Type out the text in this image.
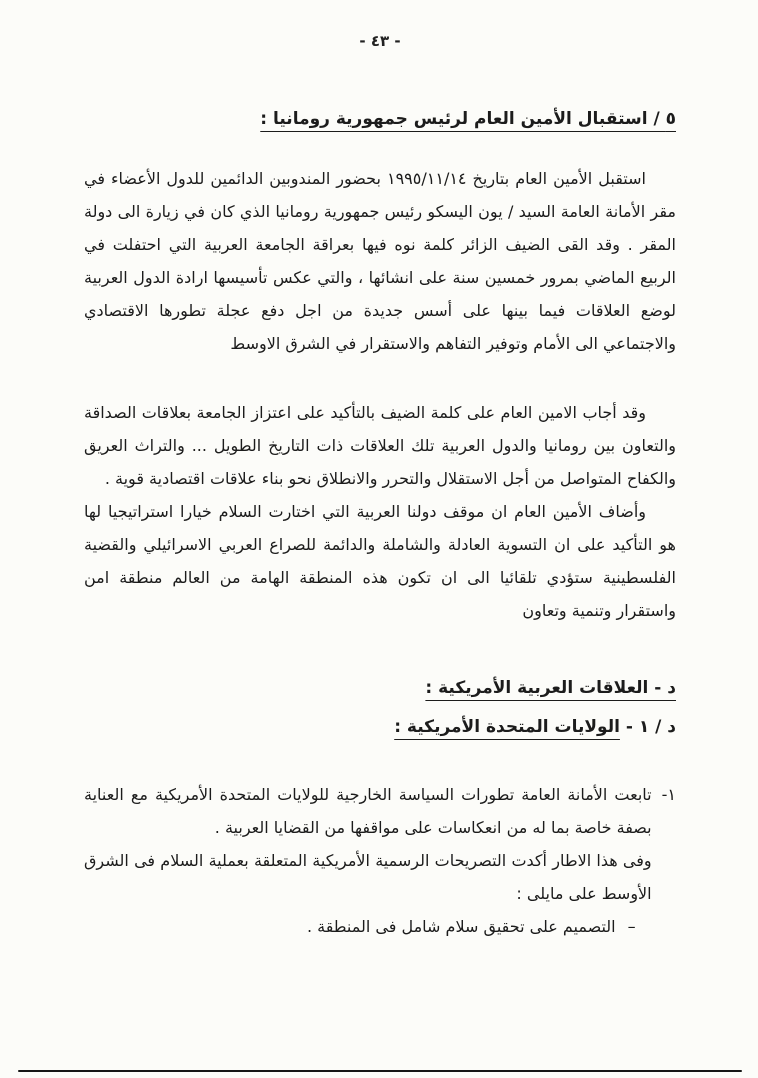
- ٤٣ -
٥ / استقبال الأمين العام لرئيس جمهورية رومانيا :

استقبل الأمين العام بتاريخ ١٩٩٥/١١/١٤ بحضور المندوبين الدائمين للدول الأعضاء في مقر الأمانة العامة السيد / يون اليسكو رئيس جمهورية رومانيا الذي كان في زيارة الى دولة المقر . وقد القى الضيف الزائر كلمة نوه فيها بعراقة الجامعة العربية التي احتفلت في الربيع الماضي بمرور خمسين سنة على انشائها ، والتي عكس تأسيسها ارادة الدول العربية لوضع العلاقات فيما بينها على أسس جديدة من اجل دفع عجلة تطورها الاقتصادي والاجتماعي الى الأمام وتوفير التفاهم والاستقرار في الشرق الاوسط

وقد أجاب الامين العام على كلمة الضيف بالتأكيد على اعتزاز الجامعة بعلاقات الصداقة والتعاون بين رومانيا والدول العربية تلك العلاقات ذات التاريخ الطويل ... والتراث العريق والكفاح المتواصل من أجل الاستقلال والتحرر والانطلاق نحو بناء علاقات اقتصادية قوية .

وأضاف الأمين العام ان موقف دولنا العربية التي اختارت السلام خيارا استراتيجيا لها هو التأكيد على ان التسوية العادلة والشاملة والدائمة للصراع العربي الاسرائيلي والقضية الفلسطينية ستؤدي تلقائيا الى ان تكون هذه المنطقة الهامة من العالم منطقة امن واستقرار وتنمية وتعاون

د - العلاقات العربية الأمريكية :
د / ١ - الولايات المتحدة الأمريكية :
١-

تابعت الأمانة العامة تطورات السياسة الخارجية للولايات المتحدة الأمريكية مع العناية بصفة خاصة بما له من انعكاسات على مواقفها من القضايا العربية .

وفى هذا الاطار أكدت التصريحات الرسمية الأمريكية المتعلقة بعملية السلام فى الشرق الأوسط على مايلى :

–
التصميم على تحقيق سلام شامل فى المنطقة .
